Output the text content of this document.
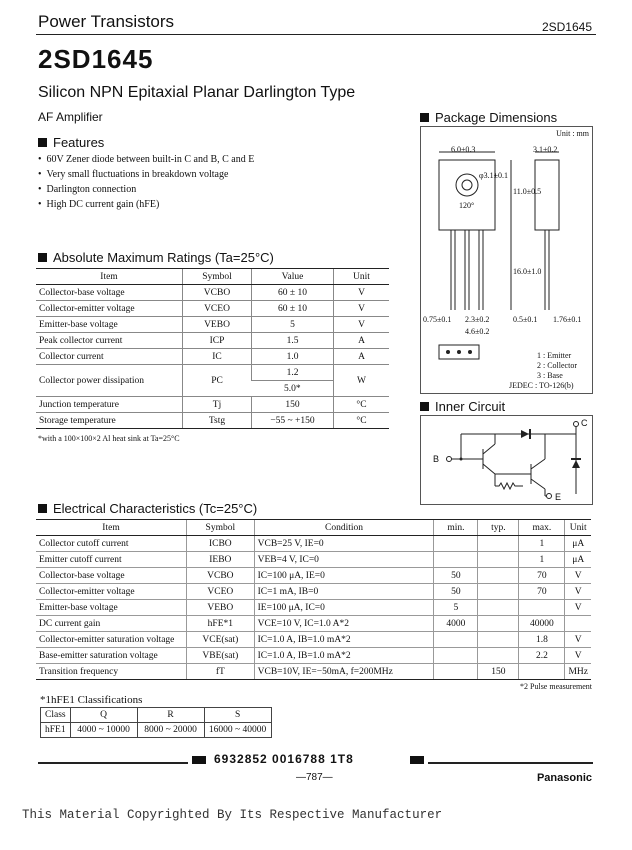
Power Transistors	2SD1645
2SD1645
Silicon NPN Epitaxial Planar Darlington Type
AF Amplifier
Features
• 60V Zener diode between built-in C and B, C and E
• Very small fluctuations in breakdown voltage
• Darlington connection
• High DC current gain (hFE)
Absolute Maximum Ratings (Ta=25°C)
Item	Symbol	Value	Unit
Collector-base voltage	VCBO	60 ± 10	V
Collector-emitter voltage	VCEO	60 ± 10	V
Emitter-base voltage	VEBO	5	V
Peak collector current	ICP	1.5	A
Collector current	IC	1.0	A
Collector power dissipation	PC	1.2	W
		5.0*	
Junction temperature	Tj	150	°C
Storage temperature	Tstg	−55 ~ +150	°C
*with a 100×100×2 Al heat sink at Ta=25°C
Package Dimensions
Unit : mm
6.0±0.3	3.1±0.2
11.0±0.5
16.0±1.0
120°
φ3.1±0.1
0.75±0.1 2.3±0.2
4.6±0.2
0.5±0.1 1.76±0.1
1 : Emitter
2 : Collector
3 : Base
JEDEC : TO-126(b)
Inner Circuit
C
B
E
Electrical Characteristics (Tc=25°C)
Item	Symbol	Condition	min.	typ.	max.	Unit
Collector cutoff current	ICBO	VCB=25 V, IE=0			1	μA
Emitter cutoff current	IEBO	VEB=4 V, IC=0			1	μA
Collector-base voltage	VCBO	IC=100 μA, IE=0	50		70	V
Collector-emitter voltage	VCEO	IC=1 mA, IB=0	50		70	V
Emitter-base voltage	VEBO	IE=100 μA, IC=0	5			V
DC current gain	hFE*1	VCE=10 V, IC=1.0 A*2	4000		40000	
Collector-emitter saturation voltage	VCE(sat)	IC=1.0 A, IB=1.0 mA*2			1.8	V
Base-emitter saturation voltage	VBE(sat)	IC=1.0 A, IB=1.0 mA*2			2.2	V
Transition frequency	fT	VCB=10V, IE=−50mA, f=200MHz		150		MHz
*2 Pulse measurement
*1hFE1 Classifications
Class	Q	R	S
hFE1	4000 ~ 10000	8000 ~ 20000	16000 ~ 40000
6932852 0016788 1T8
—787—	Panasonic
This Material Copyrighted By Its Respective Manufacturer
